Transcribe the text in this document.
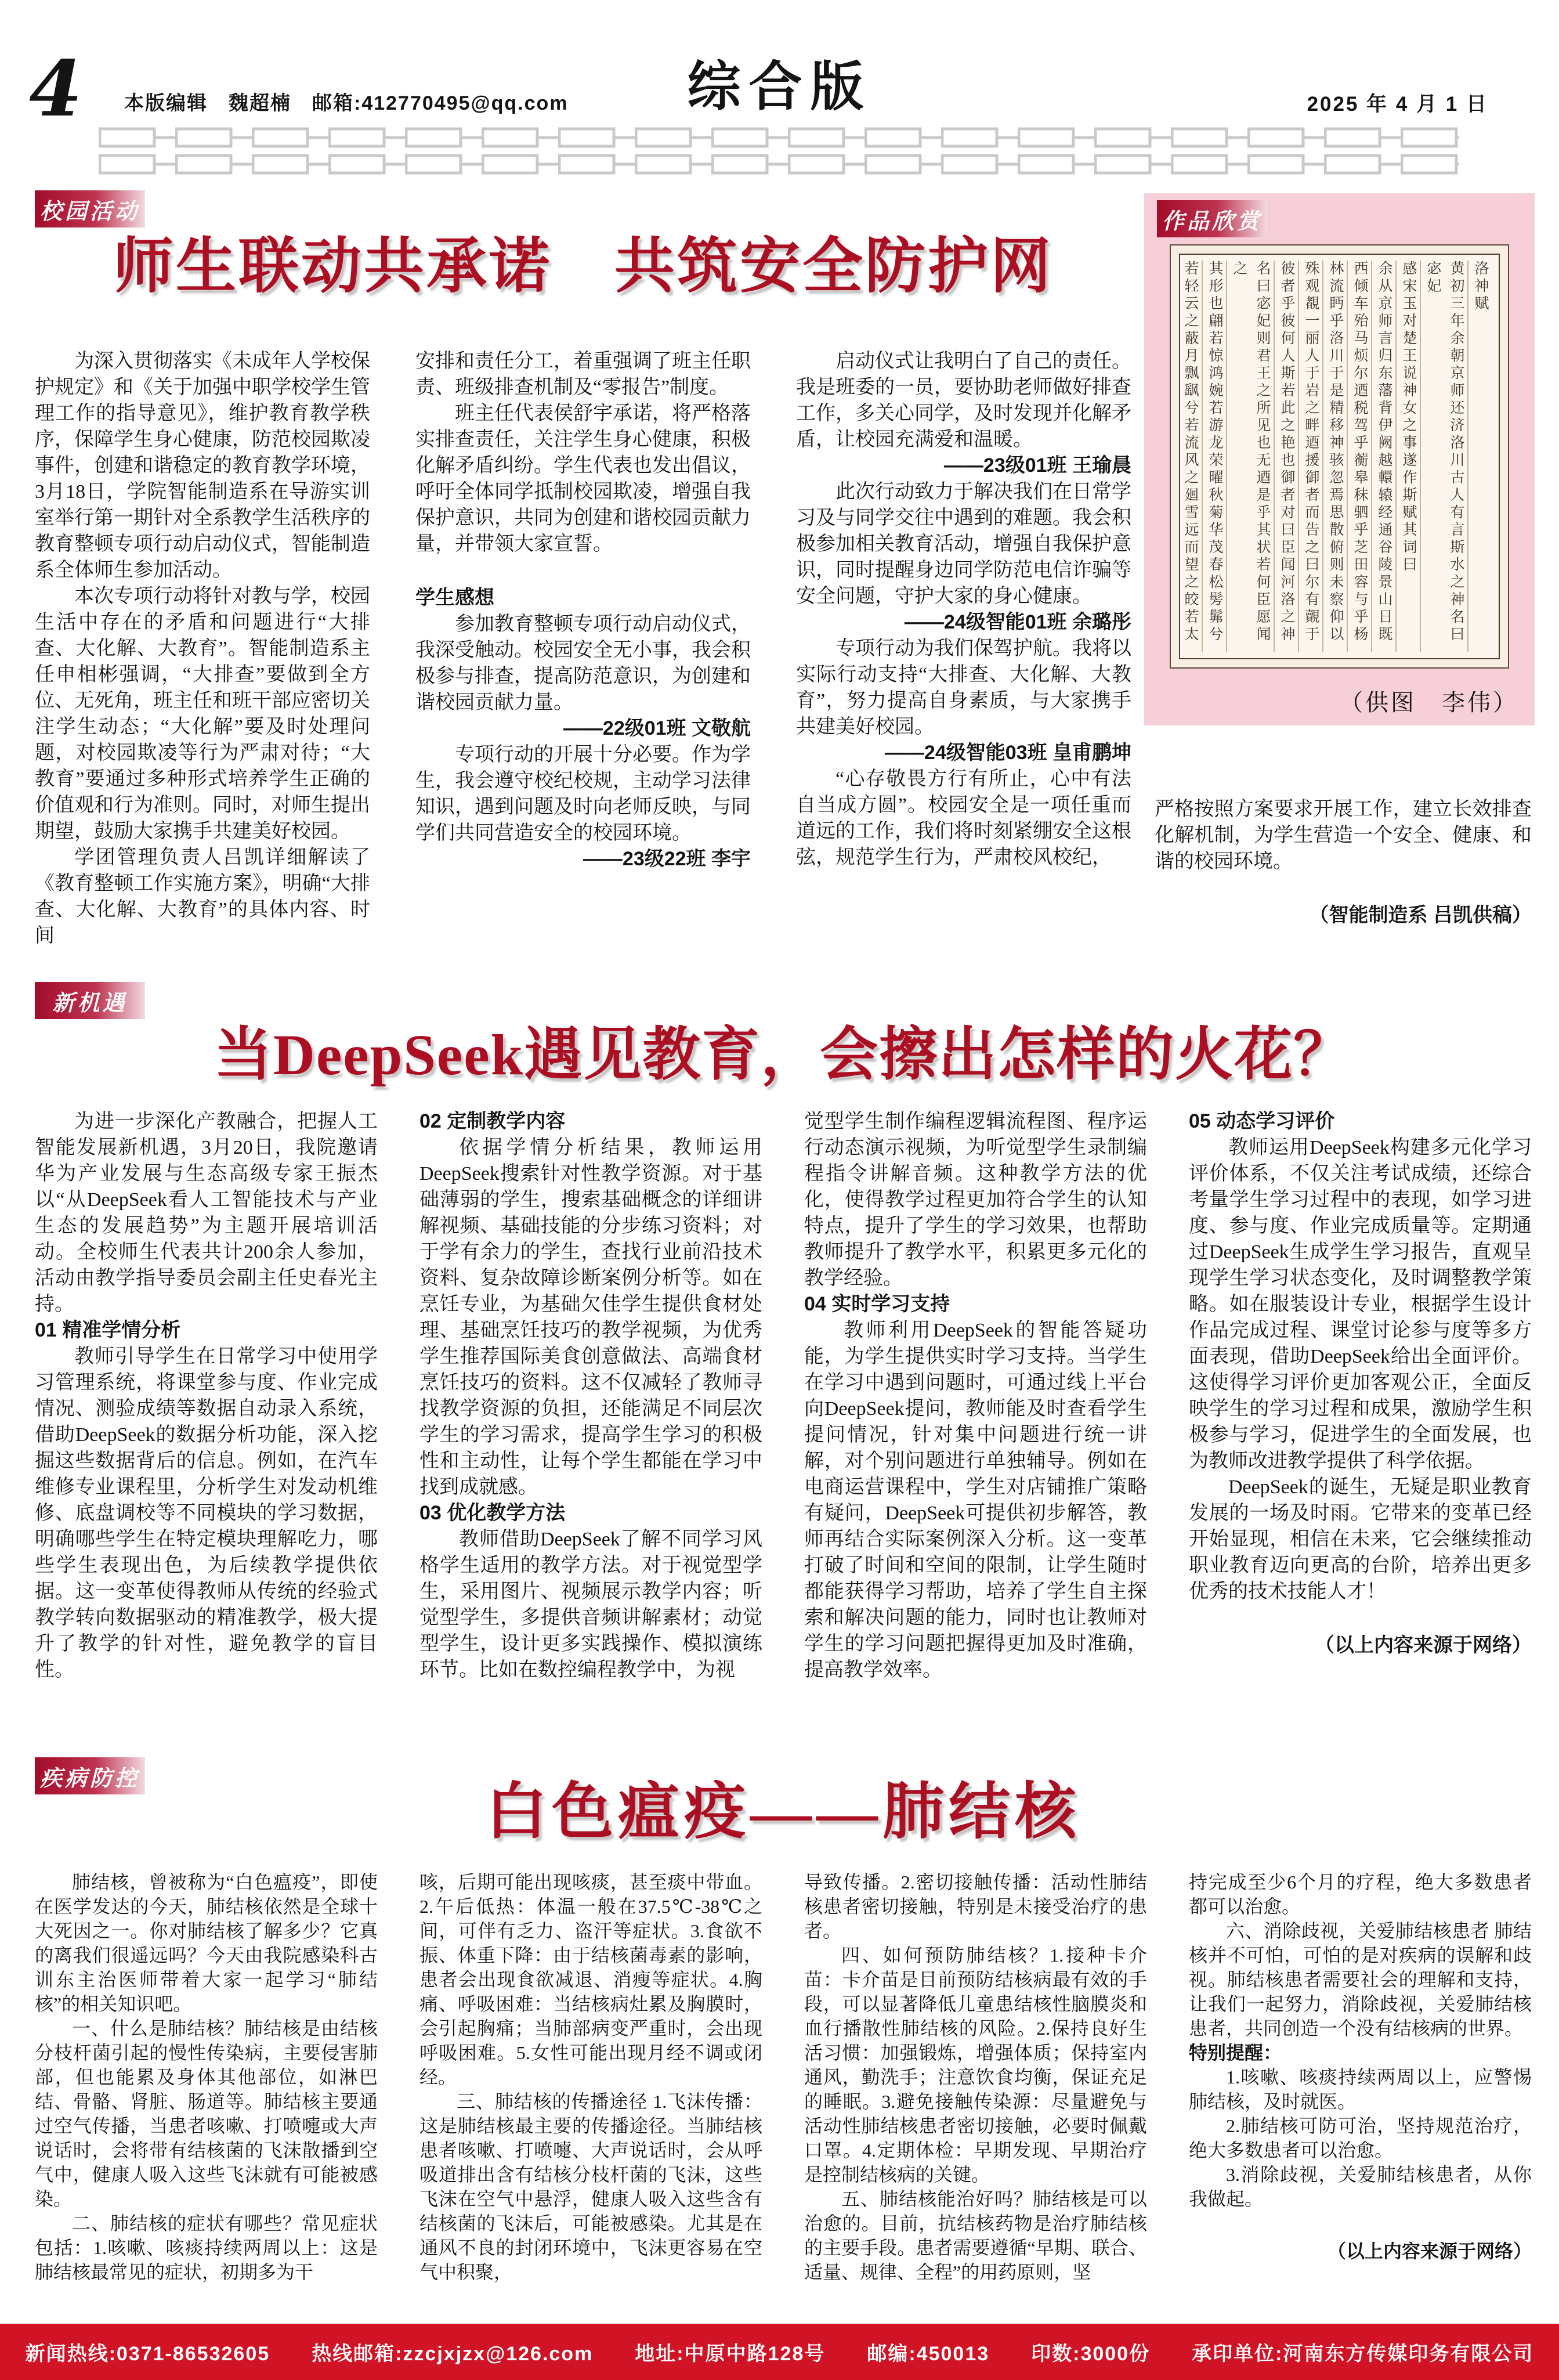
4 本版编辑　魏超楠　邮箱:412770495@qq.com	综合版	2025 年 4 月 1 日
校园活动
师生联动共承诺　共筑安全防护网

为深入贯彻落实《未成年人学校保护规定》和《关于加强中职学校学生管理工作的指导意见》，维护教育教学秩序，保障学生身心健康，防范校园欺凌事件，创建和谐稳定的教育教学环境，3月18日，学院智能制造系在导游实训室举行第一期针对全系教学生活秩序的教育整顿专项行动启动仪式，智能制造系全体师生参加活动。

本次专项行动将针对教与学，校园生活中存在的矛盾和问题进行“大排查、大化解、大教育”。智能制造系主任申相彬强调，“大排查”要做到全方位、无死角，班主任和班干部应密切关注学生动态；“大化解”要及时处理问题，对校园欺凌等行为严肃对待；“大教育”要通过多种形式培养学生正确的价值观和行为准则。同时，对师生提出期望，鼓励大家携手共建美好校园。

学团管理负责人吕凯详细解读了《教育整顿工作实施方案》，明确“大排查、大化解、大教育”的具体内容、时间

安排和责任分工，着重强调了班主任职责、班级排查机制及“零报告”制度。

班主任代表侯舒宇承诺，将严格落实排查责任，关注学生身心健康，积极化解矛盾纠纷。学生代表也发出倡议，呼吁全体同学抵制校园欺凌，增强自我保护意识，共同为创建和谐校园贡献力量，并带领大家宣誓。

学生感想

参加教育整顿专项行动启动仪式，我深受触动。校园安全无小事，我会积极参与排查，提高防范意识，为创建和谐校园贡献力量。

——22级01班 文敬航

专项行动的开展十分必要。作为学生，我会遵守校纪校规，主动学习法律知识，遇到问题及时向老师反映，与同学们共同营造安全的校园环境。

——23级22班 李宇

启动仪式让我明白了自己的责任。我是班委的一员，要协助老师做好排查工作，多关心同学，及时发现并化解矛盾，让校园充满爱和温暖。

——23级01班 王瑜晨

此次行动致力于解决我们在日常学习及与同学交往中遇到的难题。我会积极参加相关教育活动，增强自我保护意识，同时提醒身边同学防范电信诈骗等安全问题，守护大家的身心健康。

——24级智能01班 余璐彤

专项行动为我们保驾护航。我将以实际行动支持“大排查、大化解、大教育”，努力提高自身素质，与大家携手共建美好校园。

——24级智能03班 皇甫鹏坤

“心存敬畏方行有所止，心中有法自当成方圆”。校园安全是一项任重而道远的工作，我们将时刻紧绷安全这根弦，规范学生行为，严肃校风校纪，

严格按照方案要求开展工作，建立长效排查化解机制，为学生营造一个安全、健康、和谐的校园环境。

（智能制造系 吕凯供稿）

作品欣赏

洛神赋

黄初三年余朝京师还济洛川古人有言斯水之神名曰宓妃

感宋玉对楚王说神女之事遂作斯赋其词曰

余从京师言归东藩背伊阙越轘辕经通谷陵景山日既

西倾车殆马烦尔迺税驾乎蘅皋秣驷乎芝田容与乎杨

林流眄乎洛川于是精移神骇忽焉思散俯则未察仰以

殊观覩一丽人于岩之畔迺援御者而告之曰尔有覿于

彼者乎彼何人斯若此之艳也御者对曰臣闻河洛之神

名曰宓妃则君王之所见也无迺是乎其状若何臣愿闻之

其形也翩若惊鸿婉若游龙荣曜秋菊华茂春松髣髴兮

若轻云之蔽月飘飖兮若流风之廻雪远而望之皎若太

（供图　李伟）
新机遇
当DeepSeek遇见教育，会擦出怎样的火花？

为进一步深化产教融合，把握人工智能发展新机遇，3月20日，我院邀请华为产业发展与生态高级专家王振杰以“从DeepSeek看人工智能技术与产业生态的发展趋势”为主题开展培训活动。全校师生代表共计200余人参加，活动由教学指导委员会副主任史春光主持。

01 精准学情分析

教师引导学生在日常学习中使用学习管理系统，将课堂参与度、作业完成情况、测验成绩等数据自动录入系统，借助DeepSeek的数据分析功能，深入挖掘这些数据背后的信息。例如，在汽车维修专业课程里，分析学生对发动机维修、底盘调校等不同模块的学习数据，明确哪些学生在特定模块理解吃力，哪些学生表现出色，为后续教学提供依据。这一变革使得教师从传统的经验式教学转向数据驱动的精准教学，极大提升了教学的针对性，避免教学的盲目性。

02 定制教学内容

依据学情分析结果，教师运用DeepSeek搜索针对性教学资源。对于基础薄弱的学生，搜索基础概念的详细讲解视频、基础技能的分步练习资料；对于学有余力的学生，查找行业前沿技术资料、复杂故障诊断案例分析等。如在烹饪专业，为基础欠佳学生提供食材处理、基础烹饪技巧的教学视频，为优秀学生推荐国际美食创意做法、高端食材烹饪技巧的资料。这不仅减轻了教师寻找教学资源的负担，还能满足不同层次学生的学习需求，提高学生学习的积极性和主动性，让每个学生都能在学习中找到成就感。

03 优化教学方法

教师借助DeepSeek了解不同学习风格学生适用的教学方法。对于视觉型学生，采用图片、视频展示教学内容；听觉型学生，多提供音频讲解素材；动觉型学生，设计更多实践操作、模拟演练环节。比如在数控编程教学中，为视

觉型学生制作编程逻辑流程图、程序运行动态演示视频，为听觉型学生录制编程指令讲解音频。这种教学方法的优化，使得教学过程更加符合学生的认知特点，提升了学生的学习效果，也帮助教师提升了教学水平，积累更多元化的教学经验。

04 实时学习支持

教师利用DeepSeek的智能答疑功能，为学生提供实时学习支持。当学生在学习中遇到问题时，可通过线上平台向DeepSeek提问，教师能及时查看学生提问情况，针对集中问题进行统一讲解，对个别问题进行单独辅导。例如在电商运营课程中，学生对店铺推广策略有疑问，DeepSeek可提供初步解答，教师再结合实际案例深入分析。这一变革打破了时间和空间的限制，让学生随时都能获得学习帮助，培养了学生自主探索和解决问题的能力，同时也让教师对学生的学习问题把握得更加及时准确，提高教学效率。

05 动态学习评价

教师运用DeepSeek构建多元化学习评价体系，不仅关注考试成绩，还综合考量学生学习过程中的表现，如学习进度、参与度、作业完成质量等。定期通过DeepSeek生成学生学习报告，直观呈现学生学习状态变化，及时调整教学策略。如在服装设计专业，根据学生设计作品完成过程、课堂讨论参与度等多方面表现，借助DeepSeek给出全面评价。这使得学习评价更加客观公正，全面反映学生的学习过程和成果，激励学生积极参与学习，促进学生的全面发展，也为教师改进教学提供了科学依据。

DeepSeek的诞生，无疑是职业教育发展的一场及时雨。它带来的变革已经开始显现，相信在未来，它会继续推动职业教育迈向更高的台阶，培养出更多优秀的技术技能人才！

（以上内容来源于网络）

疾病防控	白色瘟疫——肺结核

肺结核，曾被称为“白色瘟疫”，即使在医学发达的今天，肺结核依然是全球十大死因之一。你对肺结核了解多少？它真的离我们很遥远吗？今天由我院感染科古训东主治医师带着大家一起学习“肺结核”的相关知识吧。

一、什么是肺结核？肺结核是由结核分枝杆菌引起的慢性传染病，主要侵害肺部，但也能累及身体其他部位，如淋巴结、骨骼、肾脏、肠道等。肺结核主要通过空气传播，当患者咳嗽、打喷嚏或大声说话时，会将带有结核菌的飞沫散播到空气中，健康人吸入这些飞沫就有可能被感染。

二、肺结核的症状有哪些？常见症状包括：1.咳嗽、咳痰持续两周以上：这是肺结核最常见的症状，初期多为干

咳，后期可能出现咳痰，甚至痰中带血。2.午后低热：体温一般在37.5℃-38℃之间，可伴有乏力、盗汗等症状。3.食欲不振、体重下降：由于结核菌毒素的影响，患者会出现食欲减退、消瘦等症状。4.胸痛、呼吸困难：当结核病灶累及胸膜时，会引起胸痛；当肺部病变严重时，会出现呼吸困难。5.女性可能出现月经不调或闭经。

三、肺结核的传播途径 1.飞沫传播：这是肺结核最主要的传播途径。当肺结核患者咳嗽、打喷嚏、大声说话时，会从呼吸道排出含有结核分枝杆菌的飞沫，这些飞沫在空气中悬浮，健康人吸入这些含有结核菌的飞沫后，可能被感染。尤其是在通风不良的封闭环境中，飞沫更容易在空气中积聚，

导致传播。2.密切接触传播：活动性肺结核患者密切接触，特别是未接受治疗的患者。

四、如何预防肺结核？1.接种卡介苗：卡介苗是目前预防结核病最有效的手段，可以显著降低儿童患结核性脑膜炎和血行播散性肺结核的风险。2.保持良好生活习惯：加强锻炼，增强体质；保持室内通风，勤洗手；注意饮食均衡，保证充足的睡眠。3.避免接触传染源：尽量避免与活动性肺结核患者密切接触，必要时佩戴口罩。4.定期体检：早期发现、早期治疗是控制结核病的关键。

五、肺结核能治好吗？肺结核是可以治愈的。目前，抗结核药物是治疗肺结核的主要手段。患者需要遵循“早期、联合、适量、规律、全程”的用药原则，坚

持完成至少6个月的疗程，绝大多数患者都可以治愈。

六、消除歧视，关爱肺结核患者 肺结核并不可怕，可怕的是对疾病的误解和歧视。肺结核患者需要社会的理解和支持，让我们一起努力，消除歧视，关爱肺结核患者，共同创造一个没有结核病的世界。

特别提醒：

1.咳嗽、咳痰持续两周以上，应警惕肺结核，及时就医。

2.肺结核可防可治，坚持规范治疗，绝大多数患者可以治愈。

3.消除歧视，关爱肺结核患者，从你我做起。

（以上内容来源于网络）

新闻热线:0371-86532605　　热线邮箱:zzcjxjzx@126.com　　地址:中原中路128号　　邮编:450013　　印数:3000份　　承印单位:河南东方传媒印务有限公司
